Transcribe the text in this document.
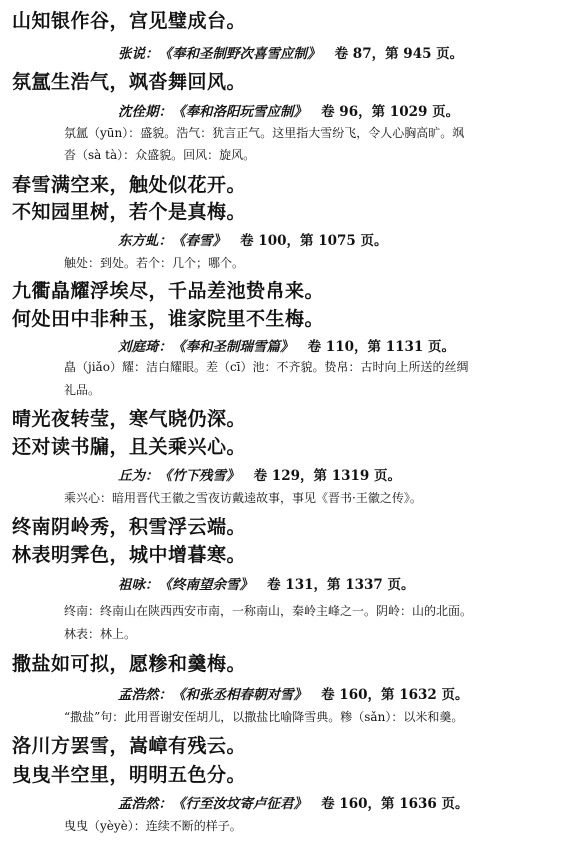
山知银作谷，宫见璧成台。
张说：《奉和圣制野次喜雪应制》 卷 87，第 945 页。
氛氲生浩气，飒沓舞回风。
沈佺期：《奉和洛阳玩雪应制》 卷 96，第 1029 页。
氛氲（yūn）：盛貌。浩气：犹言正气。这里指大雪纷飞，令人心胸高旷。飒
沓（sà tà）：众盛貌。回风：旋风。
春雪满空来，触处似花开。
不知园里树，若个是真梅。
东方虬：《春雪》 卷 100，第 1075 页。
触处：到处。若个：几个；哪个。
九衢皛耀浮埃尽，千品差池贽帛来。
何处田中非种玉，谁家院里不生梅。
刘庭琦：《奉和圣制瑞雪篇》 卷 110，第 1131 页。
皛（jiǎo）耀：洁白耀眼。差（cī）池：不齐貌。贽帛：古时向上所送的丝绸
礼品。
晴光夜转莹，寒气晓仍深。
还对读书牖，且关乘兴心。
丘为：《竹下残雪》 卷 129，第 1319 页。
乘兴心：暗用晋代王徽之雪夜访戴逵故事，事见《晋书·王徽之传》。
终南阴岭秀，积雪浮云端。
林表明霁色，城中增暮寒。
祖咏：《终南望余雪》 卷 131，第 1337 页。
终南：终南山在陕西西安市南，一称南山，秦岭主峰之一。阴岭：山的北面。
林表：林上。
撒盐如可拟，愿糁和羹梅。
孟浩然：《和张丞相春朝对雪》 卷 160，第 1632 页。
“撒盐”句：此用晋谢安侄胡儿，以撒盐比喻降雪典。糁（sǎn）：以米和羹。
洛川方罢雪，嵩嶂有残云。
曳曳半空里，明明五色分。
孟浩然：《行至汝坟寄卢征君》 卷 160，第 1636 页。
曳曳（yèyè）：连续不断的样子。
